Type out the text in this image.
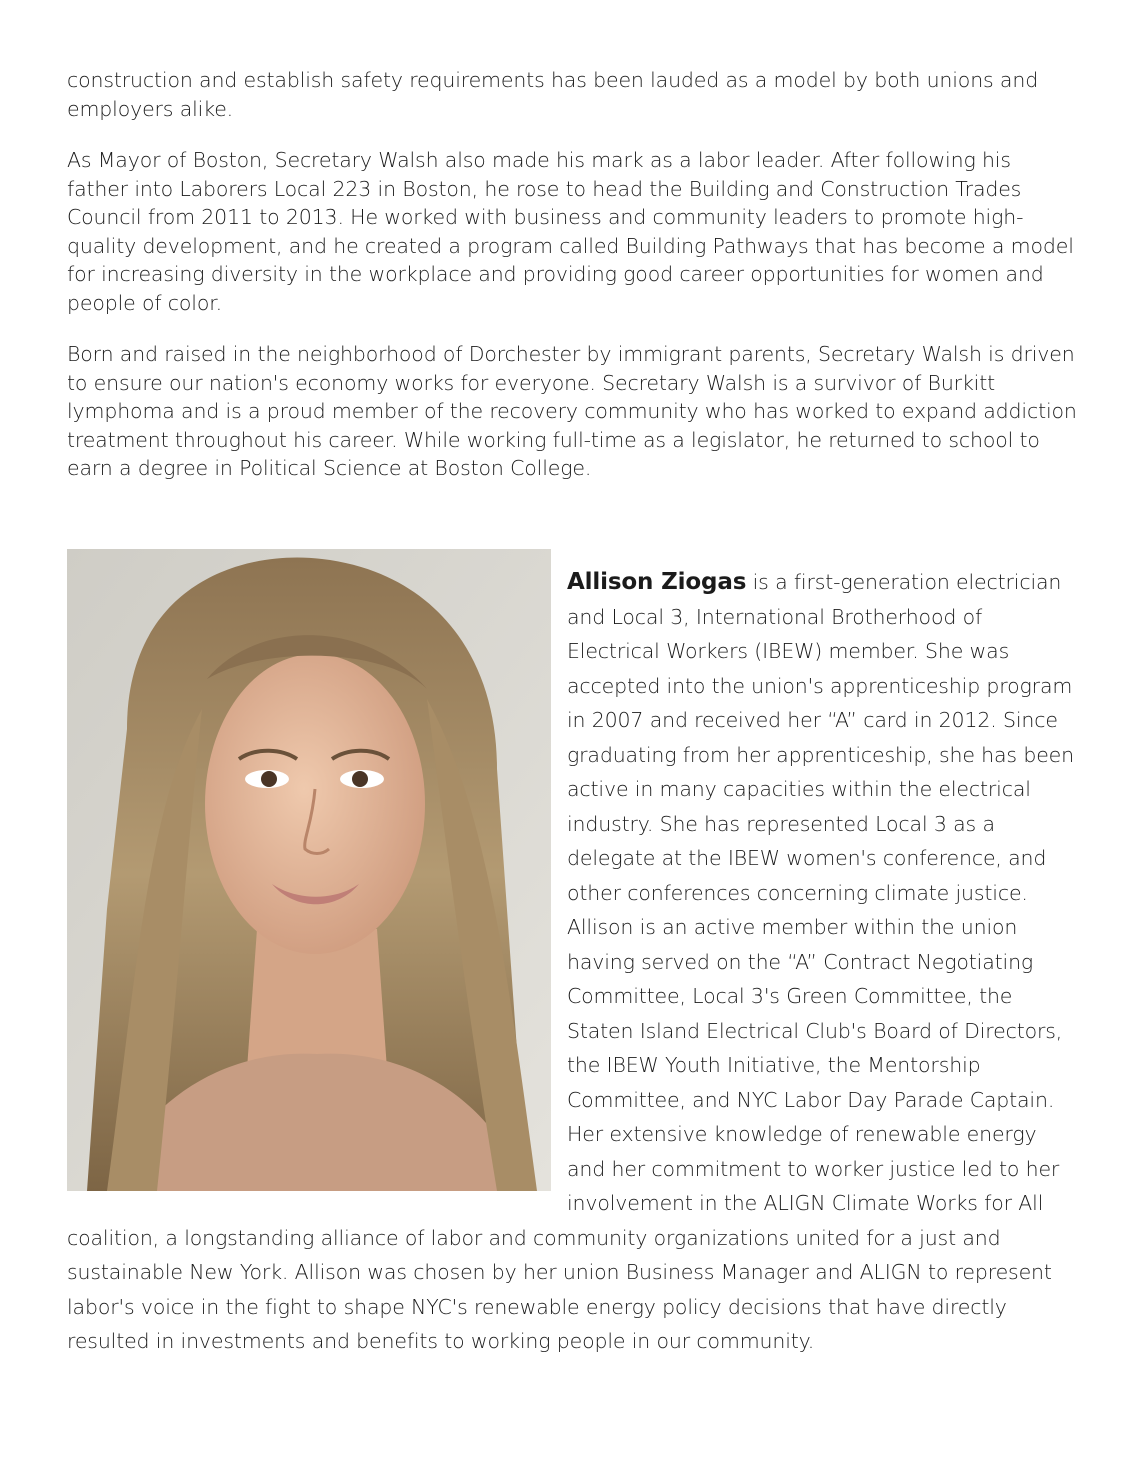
construction and establish safety requirements has been lauded as a model by both unions and employers alike.

As Mayor of Boston, Secretary Walsh also made his mark as a labor leader. After following his father into Laborers Local 223 in Boston, he rose to head the Building and Construction Trades Council from 2011 to 2013. He worked with business and community leaders to promote high-quality development, and he created a program called Building Pathways that has become a model for increasing diversity in the workplace and providing good career opportunities for women and people of color.

Born and raised in the neighborhood of Dorchester by immigrant parents, Secretary Walsh is driven to ensure our nation's economy works for everyone. Secretary Walsh is a survivor of Burkitt lymphoma and is a proud member of the recovery community who has worked to expand addiction treatment throughout his career. While working full-time as a legislator, he returned to school to earn a degree in Political Science at Boston College.

Allison Ziogas is a first-generation electrician and Local 3, International Brotherhood of Electrical Workers (IBEW) member. She was accepted into the union's apprenticeship program in 2007 and received her “A” card in 2012. Since graduating from her apprenticeship, she has been active in many capacities within the electrical industry. She has represented Local 3 as a delegate at the IBEW women's conference, and other conferences concerning climate justice. Allison is an active member within the union having served on the “A” Contract Negotiating Committee, Local 3's Green Committee, the Staten Island Electrical Club's Board of Directors, the IBEW Youth Initiative, the Mentorship Committee, and NYC Labor Day Parade Captain. Her extensive knowledge of renewable energy and her commitment to worker justice led to her involvement in the ALIGN Climate Works for All coalition, a longstanding alliance of labor and community organizations united for a just and sustainable New York. Allison was chosen by her union Business Manager and ALIGN to represent labor's voice in the fight to shape NYC's renewable energy policy decisions that have directly resulted in investments and benefits to working people in our community.
